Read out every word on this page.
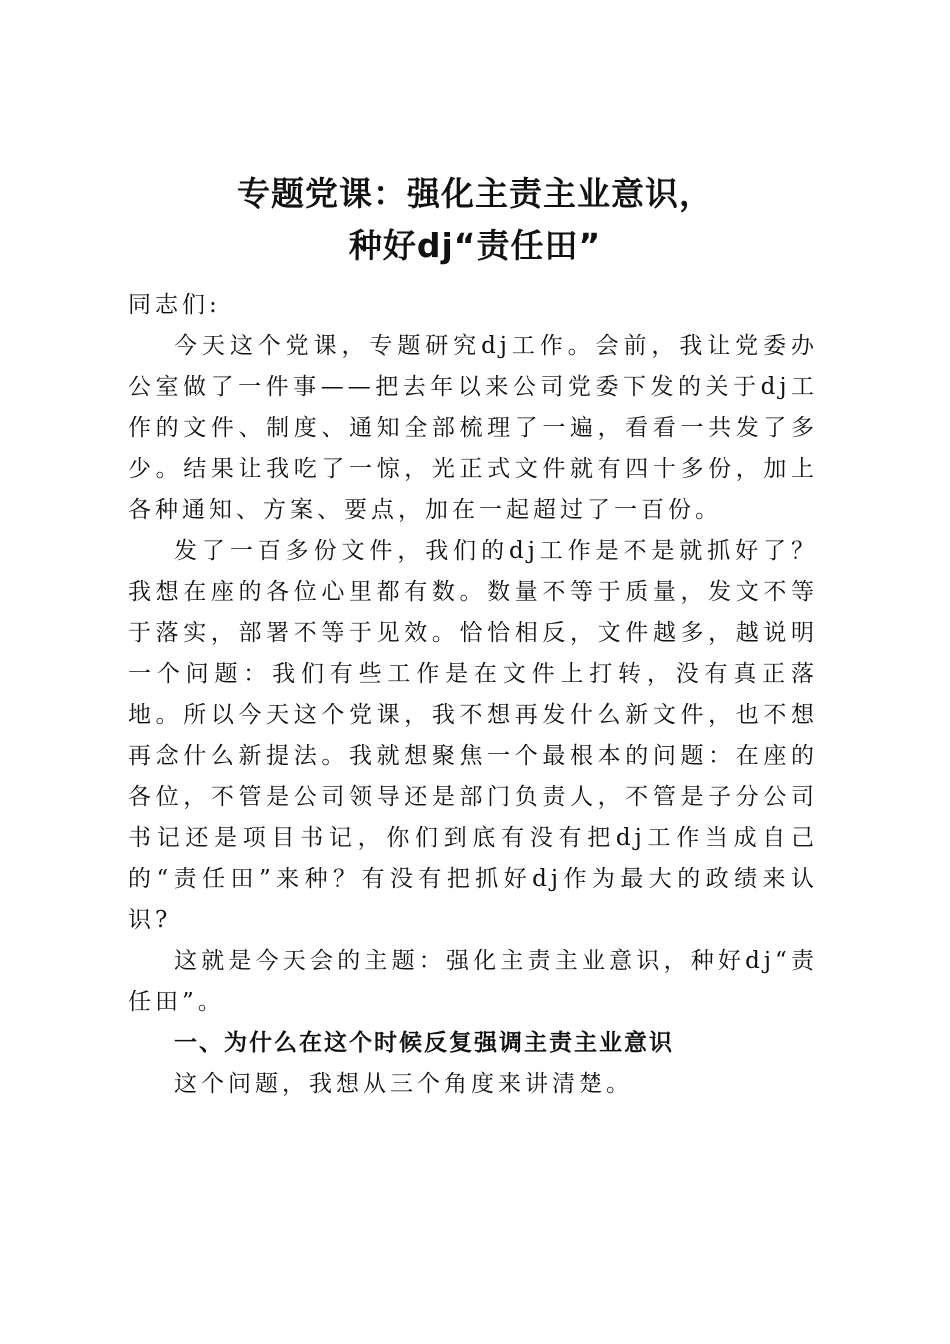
专题党课：强化主责主业意识，
种好dj“责任田”

同志们:

今天这个党课，专题研究dj工作。会前，我让党委办公室做了一件事——把去年以来公司党委下发的关于dj工作的文件、制度、通知全部梳理了一遍，看看一共发了多少。结果让我吃了一惊，光正式文件就有四十多份，加上各种通知、方案、要点，加在一起超过了一百份。

发了一百多份文件，我们的dj工作是不是就抓好了？我想在座的各位心里都有数。数量不等于质量，发文不等于落实，部署不等于见效。恰恰相反，文件越多，越说明一个问题：我们有些工作是在文件上打转，没有真正落地。所以今天这个党课，我不想再发什么新文件，也不想再念什么新提法。我就想聚焦一个最根本的问题：在座的各位，不管是公司领导还是部门负责人，不管是子分公司书记还是项目书记，你们到底有没有把dj工作当成自己的“责任田”来种？有没有把抓好dj作为最大的政绩来认识?

这就是今天会的主题：强化主责主业意识，种好dj“责任田”。

一、为什么在这个时候反复强调主责主业意识

这个问题，我想从三个角度来讲清楚。
